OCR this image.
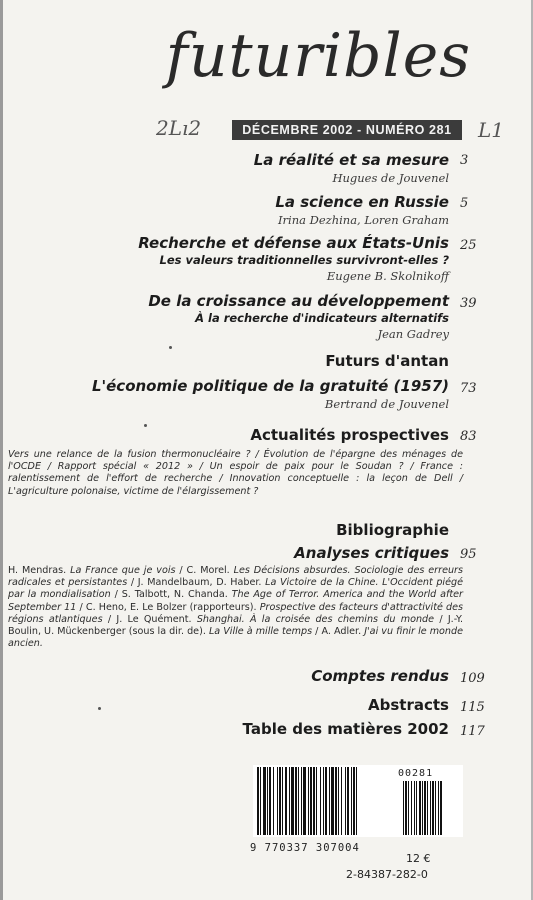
futuribles
2Lı2	L1
DÉCEMBRE 2002 - NUMÉRO 281
La réalité et sa mesure
Hugues de Jouvenel
3
La science en Russie
Irina Dezhina, Loren Graham
5
Recherche et défense aux États-Unis
Les valeurs traditionnelles survivront-elles ?
Eugene B. Skolnikoff
25
De la croissance au développement
À la recherche d'indicateurs alternatifs
Jean Gadrey
39
Futurs d'antan
L'économie politique de la gratuité (1957)
Bertrand de Jouvenel
73
Actualités prospectives 83
Vers une relance de la fusion thermonucléaire ? / Évolution de l'épargne des ménages de l'OCDE / Rapport spécial « 2012 » / Un espoir de paix pour le Soudan ? / France : ralentissement de l'effort de recherche / Innovation conceptuelle : la leçon de Dell / L'agriculture polonaise, victime de l'élargissement ?
Bibliographie
Analyses critiques 95
H. Mendras. La France que je vois / C. Morel. Les Décisions absurdes. Sociologie des erreurs radicales et persistantes / J. Mandelbaum, D. Haber. La Victoire de la Chine. L'Occident piégé par la mondialisation / S. Talbott, N. Chanda. The Age of Terror. America and the World after September 11 / C. Heno, E. Le Bolzer (rapporteurs). Prospective des facteurs d'attractivité des régions atlantiques / J. Le Quément. Shanghai. À la croisée des chemins du monde / J.-Y. Boulin, U. Mückenberger (sous la dir. de). La Ville à mille temps / A. Adler. J'ai vu finir le monde ancien.
Comptes rendus 109
Abstracts 115
Table des matières 2002 117
00281
9 770337 307004
12 €
2-84387-282-0
